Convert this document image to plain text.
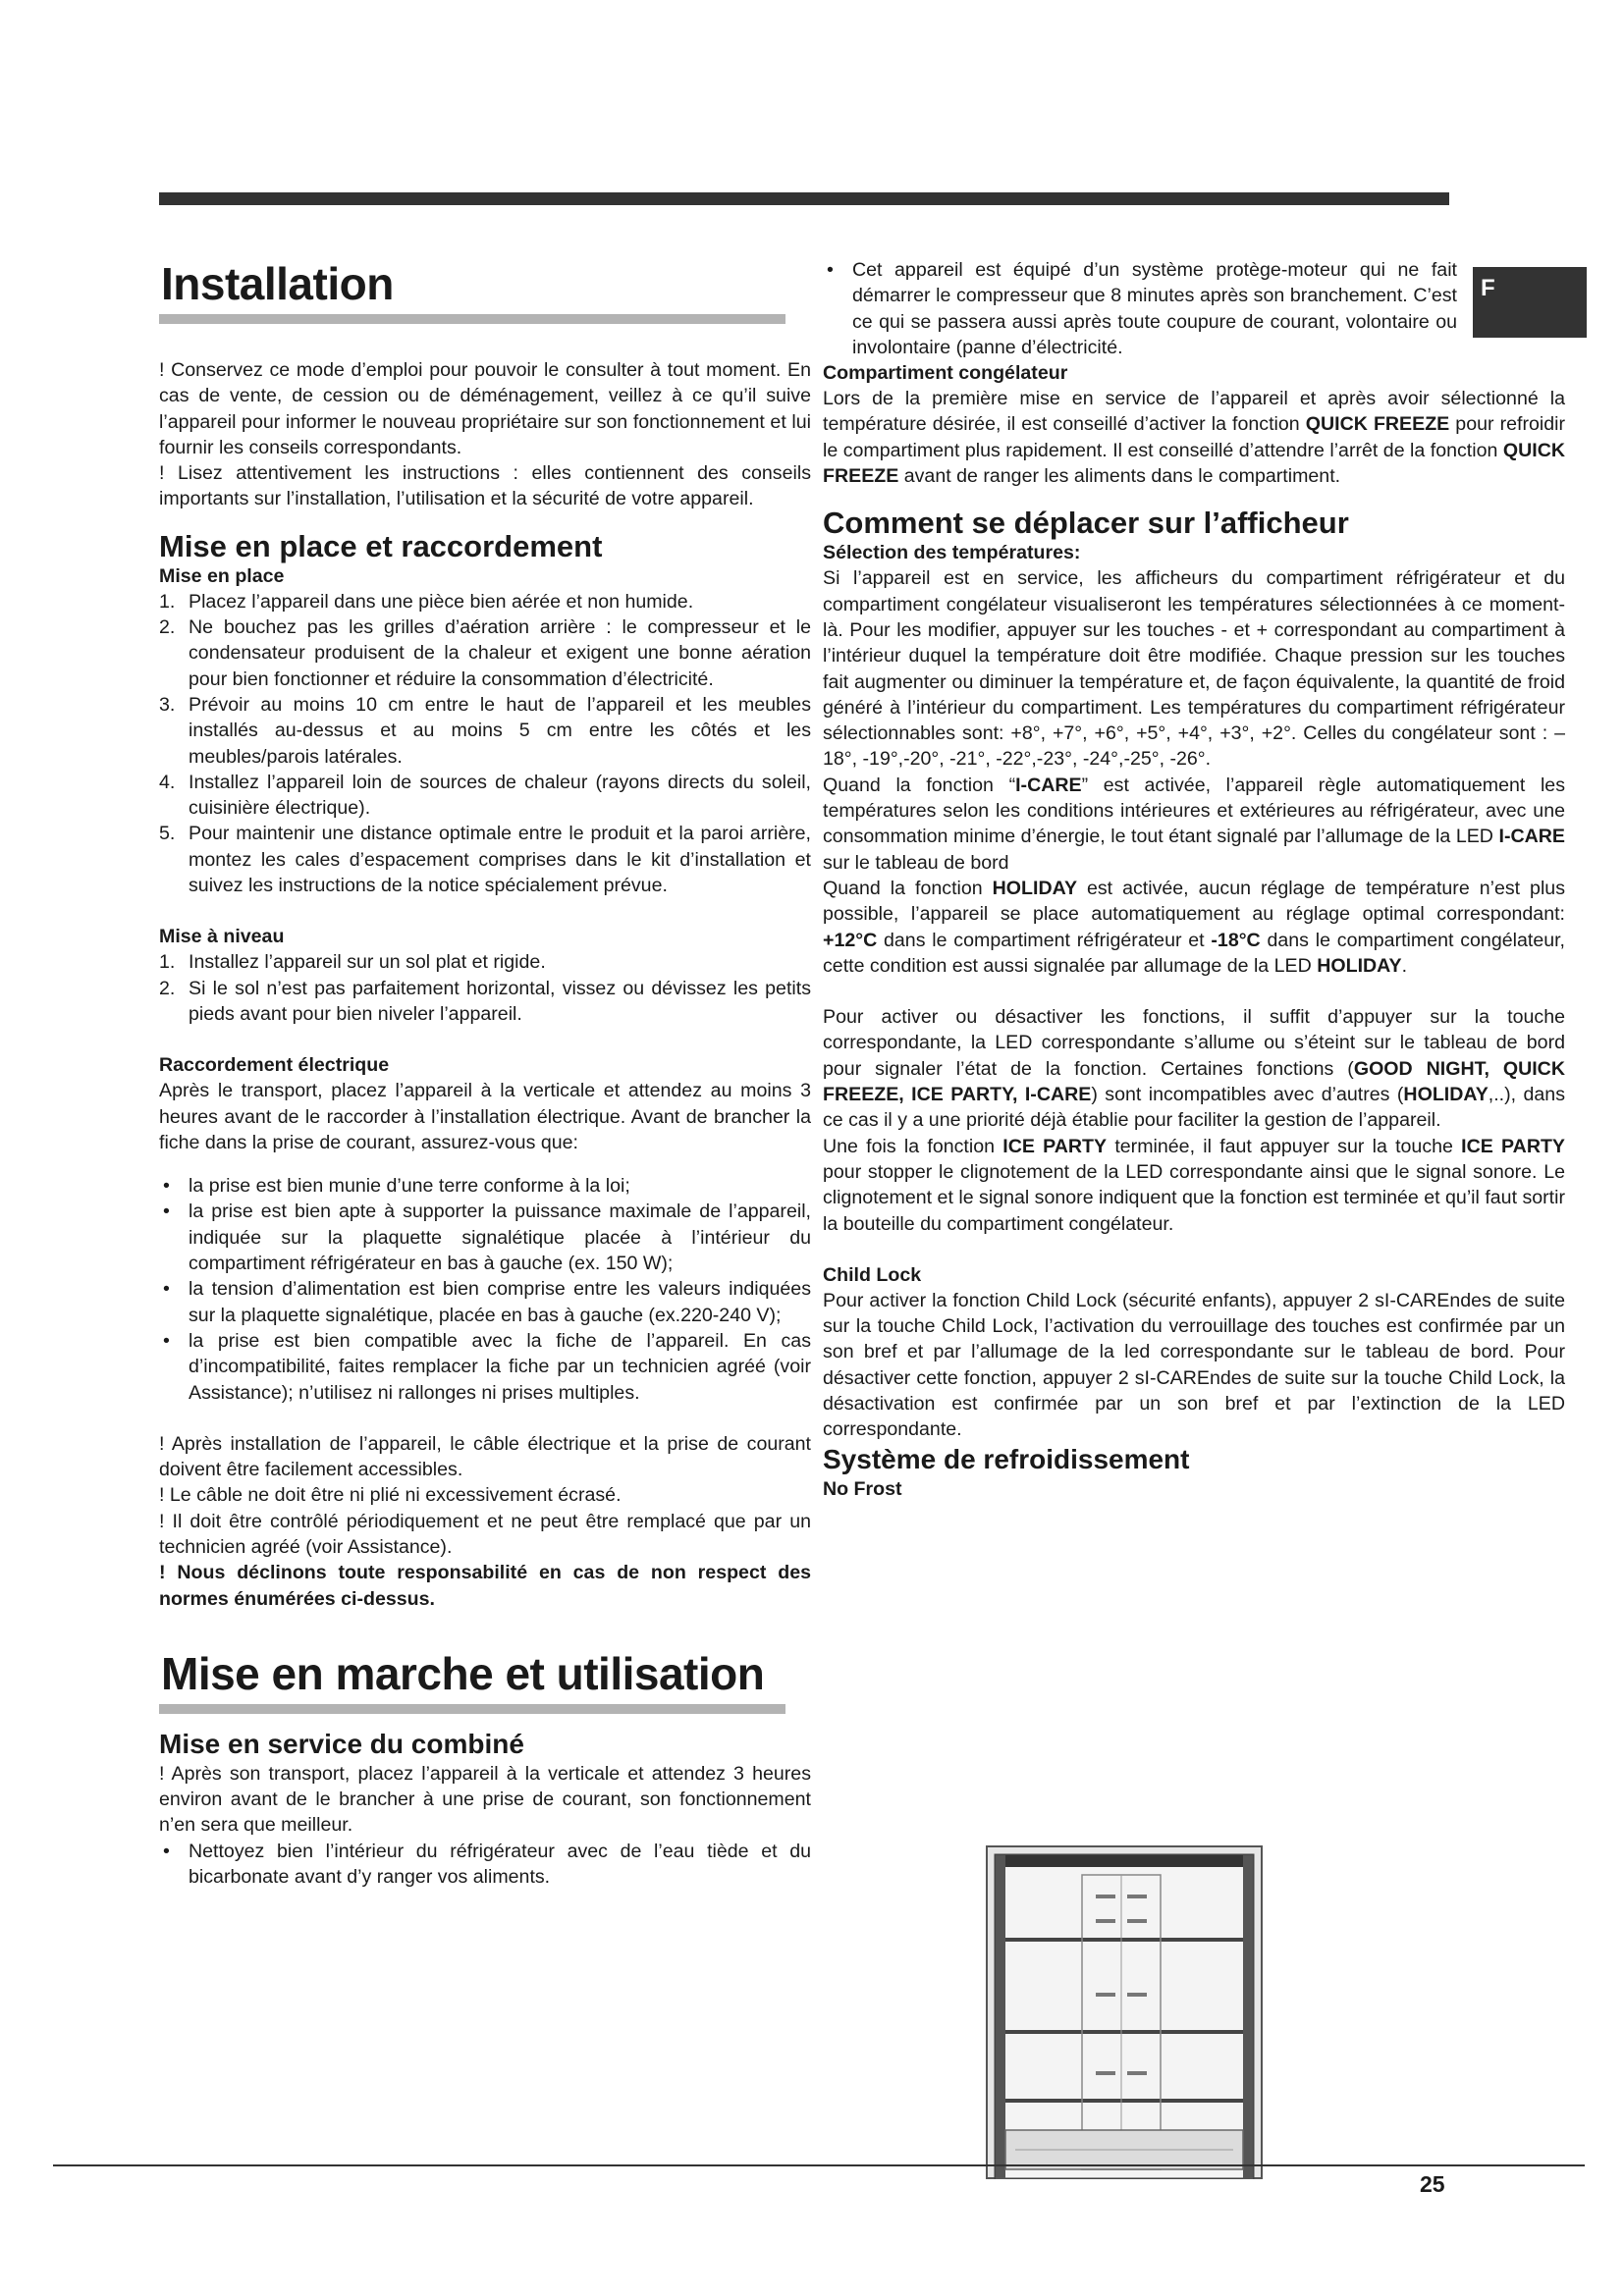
F
Installation

! Conservez ce mode d’emploi pour pouvoir le consulter à tout moment. En cas de vente, de cession ou de déménagement, veillez à ce qu’il suive l’appareil pour informer le nouveau propriétaire sur son fonctionnement et lui fournir les conseils correspondants.

! Lisez attentivement les instructions : elles contiennent des conseils importants sur l’installation, l’utilisation et la sécurité de votre appareil.

Mise en place et raccordement
Mise en place
1. Placez l’appareil dans une pièce bien aérée et non humide.
2. Ne bouchez pas les grilles d’aération arrière : le compresseur et le condensateur produisent de la chaleur et exigent une bonne aération pour bien fonctionner et réduire la consommation d’électricité.
3. Prévoir au moins 10 cm entre le haut de l’appareil et les meubles installés au-dessus et au moins 5 cm entre les côtés et les meubles/parois latérales.
4. Installez l’appareil loin de sources de chaleur (rayons directs du soleil, cuisinière électrique).
5. Pour maintenir une distance optimale entre le produit et la paroi arrière, montez les cales d’espacement comprises dans le kit d’installation et suivez les instructions de la notice spécialement prévue.
Mise à niveau
1. Installez l’appareil sur un sol plat et rigide.
2. Si le sol n’est pas parfaitement horizontal, vissez ou dévissez les petits pieds avant pour bien niveler l’appareil.
Raccordement électrique

Après le transport, placez l’appareil à la verticale et attendez au moins 3 heures avant de le raccorder à l’installation électrique. Avant de brancher la fiche dans la prise de courant, assurez-vous que:

• la prise est bien munie d’une terre conforme à la loi;
• la prise est bien apte à supporter la puissance maximale de l’appareil, indiquée sur la plaquette signalétique placée à l’intérieur du compartiment réfrigérateur en bas à gauche (ex. 150 W);
• la tension d’alimentation est bien comprise entre les valeurs indiquées sur la plaquette signalétique, placée en bas à gauche (ex.220-240 V);
• la prise est bien compatible avec la fiche de l’appareil. En cas d’incompatibilité, faites remplacer la fiche par un technicien agréé (voir Assistance); n’utilisez ni rallonges ni prises multiples.

! Après installation de l’appareil, le câble électrique et la prise de courant doivent être facilement accessibles.

! Le câble ne doit être ni plié ni excessivement écrasé.

! Il doit être contrôlé périodiquement et ne peut être remplacé que par un technicien agréé (voir Assistance).

! Nous déclinons toute responsabilité en cas de non respect des normes énumérées ci-dessus.

Mise en marche et utilisation
Mise en service du combiné

! Après son transport, placez l’appareil à la verticale et attendez 3 heures environ avant de le brancher à une prise de courant, son fonctionnement n’en sera que meilleur.

• Nettoyez bien l’intérieur du réfrigérateur avec de l’eau tiède et du bicarbonate avant d’y ranger vos aliments.
• Cet appareil est équipé d’un système protège-moteur qui ne fait démarrer le compresseur que 8 minutes après son branchement. C’est ce qui se passera aussi après toute coupure de courant, volontaire ou involontaire (panne d’électricité.
Compartiment congélateur

Lors de la première mise en service de l’appareil et après avoir sélectionné la température désirée, il est conseillé d’activer la fonction QUICK FREEZE pour refroidir le compartiment plus rapidement. Il est conseillé d’attendre l’arrêt de la fonction QUICK FREEZE avant de ranger les aliments dans le compartiment.

Comment se déplacer sur l’afficheur
Sélection des températures:

Si l’appareil est en service, les afficheurs du compartiment réfrigérateur et du compartiment congélateur visualiseront les températures sélectionnées à ce moment-là. Pour les modifier, appuyer sur les touches - et + correspondant au compartiment à l’intérieur duquel la température doit être modifiée. Chaque pression sur les touches fait augmenter ou diminuer la température et, de façon équivalente, la quantité de froid généré à l’intérieur du compartiment. Les températures du compartiment réfrigérateur sélectionnables sont: +8°, +7°, +6°, +5°, +4°, +3°, +2°. Celles du congélateur sont : –18°, -19°,-20°, -21°, -22°,-23°, -24°,-25°, -26°.

Quand la fonction “I-CARE” est activée, l’appareil règle automatiquement les températures selon les conditions intérieures et extérieures au réfrigérateur, avec une consommation minime d’énergie, le tout étant signalé par l’allumage de la LED I-CARE sur le tableau de bord

Quand la fonction HOLIDAY est activée, aucun réglage de température n’est plus possible, l’appareil se place automatiquement au réglage optimal correspondant: +12°C dans le compartiment réfrigérateur et -18°C dans le compartiment congélateur, cette condition est aussi signalée par allumage de la LED HOLIDAY.

Pour activer ou désactiver les fonctions, il suffit d’appuyer sur la touche correspondante, la LED correspondante s’allume ou s’éteint sur le tableau de bord pour signaler l’état de la fonction. Certaines fonctions (GOOD NIGHT, QUICK FREEZE, ICE PARTY, I-CARE) sont incompatibles avec d’autres (HOLIDAY,..), dans ce cas il y a une priorité déjà établie pour faciliter la gestion de l’appareil.

Une fois la fonction ICE PARTY terminée, il faut appuyer sur la touche ICE PARTY pour stopper le clignotement de la LED correspondante ainsi que le signal sonore. Le clignotement et le signal sonore indiquent que la fonction est terminée et qu’il faut sortir la bouteille du compartiment congélateur.

Child Lock

Pour activer la fonction Child Lock (sécurité enfants), appuyer 2 sI-CAREndes de suite sur la touche Child Lock, l’activation du verrouillage des touches est confirmée par un son bref et par l’allumage de la led correspondante sur le tableau de bord. Pour désactiver cette fonction, appuyer 2 sI-CAREndes de suite sur la touche Child Lock, la désactivation est confirmée par un son bref et par l’extinction de la LED correspondante.

Système de refroidissement
No Frost
25
